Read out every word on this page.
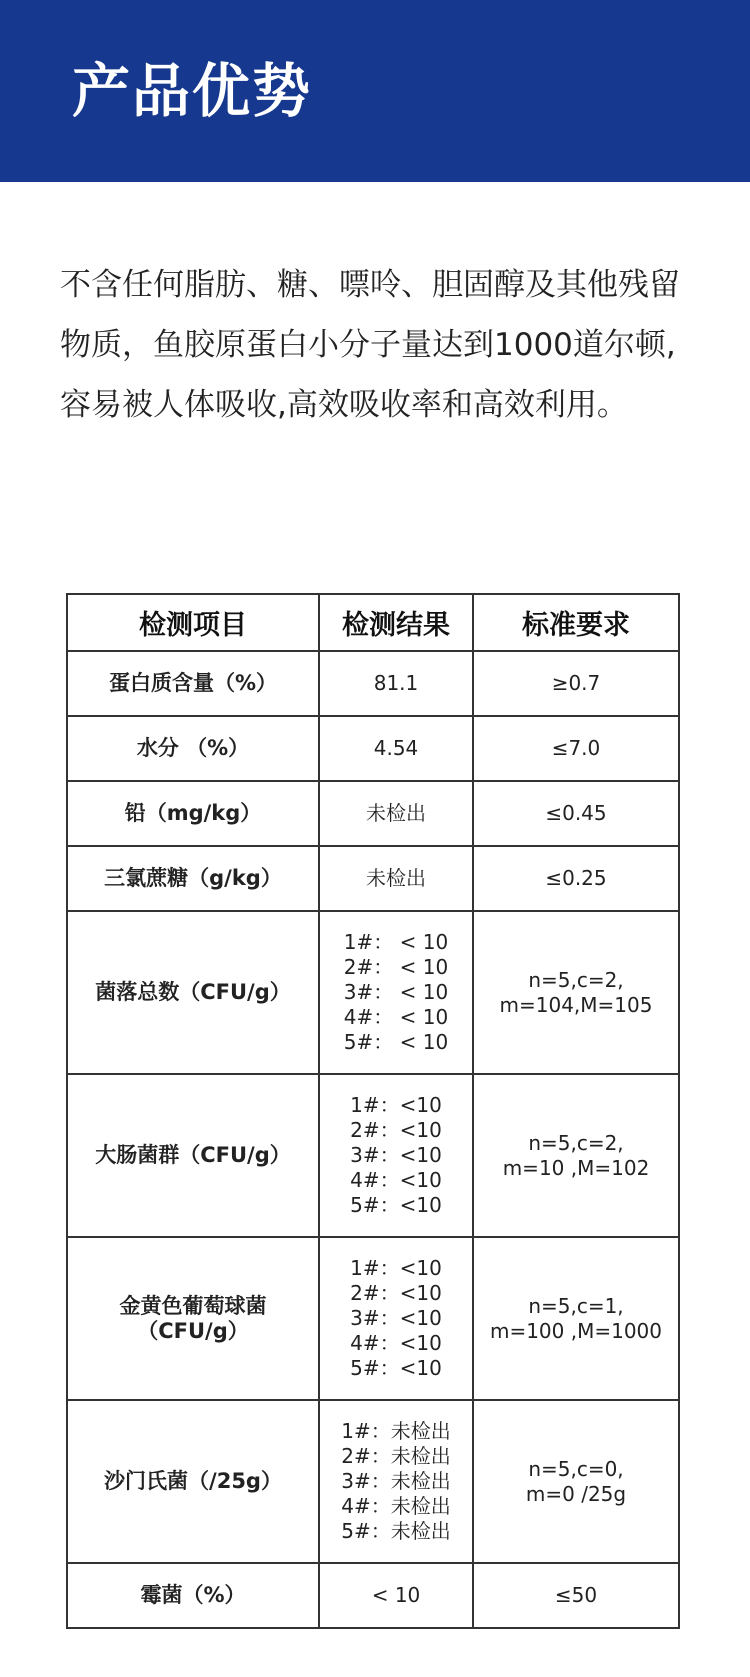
产品优势

不含任何脂肪、糖、嘌呤、胆固醇及其他残留物质，鱼胶原蛋白小分子量达到1000道尔顿,容易被人体吸收,高效吸收率和高效利用。

检测项目	检测结果	标准要求
蛋白质含量（%）	81.1	≥0.7
水分 （%）	4.54	≤7.0
铅（mg/kg）	未检出	≤0.45
三氯蔗糖（g/kg）	未检出	≤0.25
菌落总数（CFU/g）	1#： < 10
2#： < 10
3#： < 10
4#： < 10
5#： < 10	n=5,c=2,
m=104,M=105

大肠菌群（CFU/g）	1#：<10
2#：<10
3#：<10
4#：<10
5#：<10	n=5,c=2,
m=10 ,M=102

金黄色葡萄球菌
（CFU/g）	1#：<10
2#：<10
3#：<10
4#：<10
5#：<10	n=5,c=1,
m=100 ,M=1000

沙门氏菌（/25g）	1#：未检出
2#：未检出
3#：未检出
4#：未检出
5#：未检出	n=5,c=0,
m=0 /25g

霉菌（%）	< 10	≤50
